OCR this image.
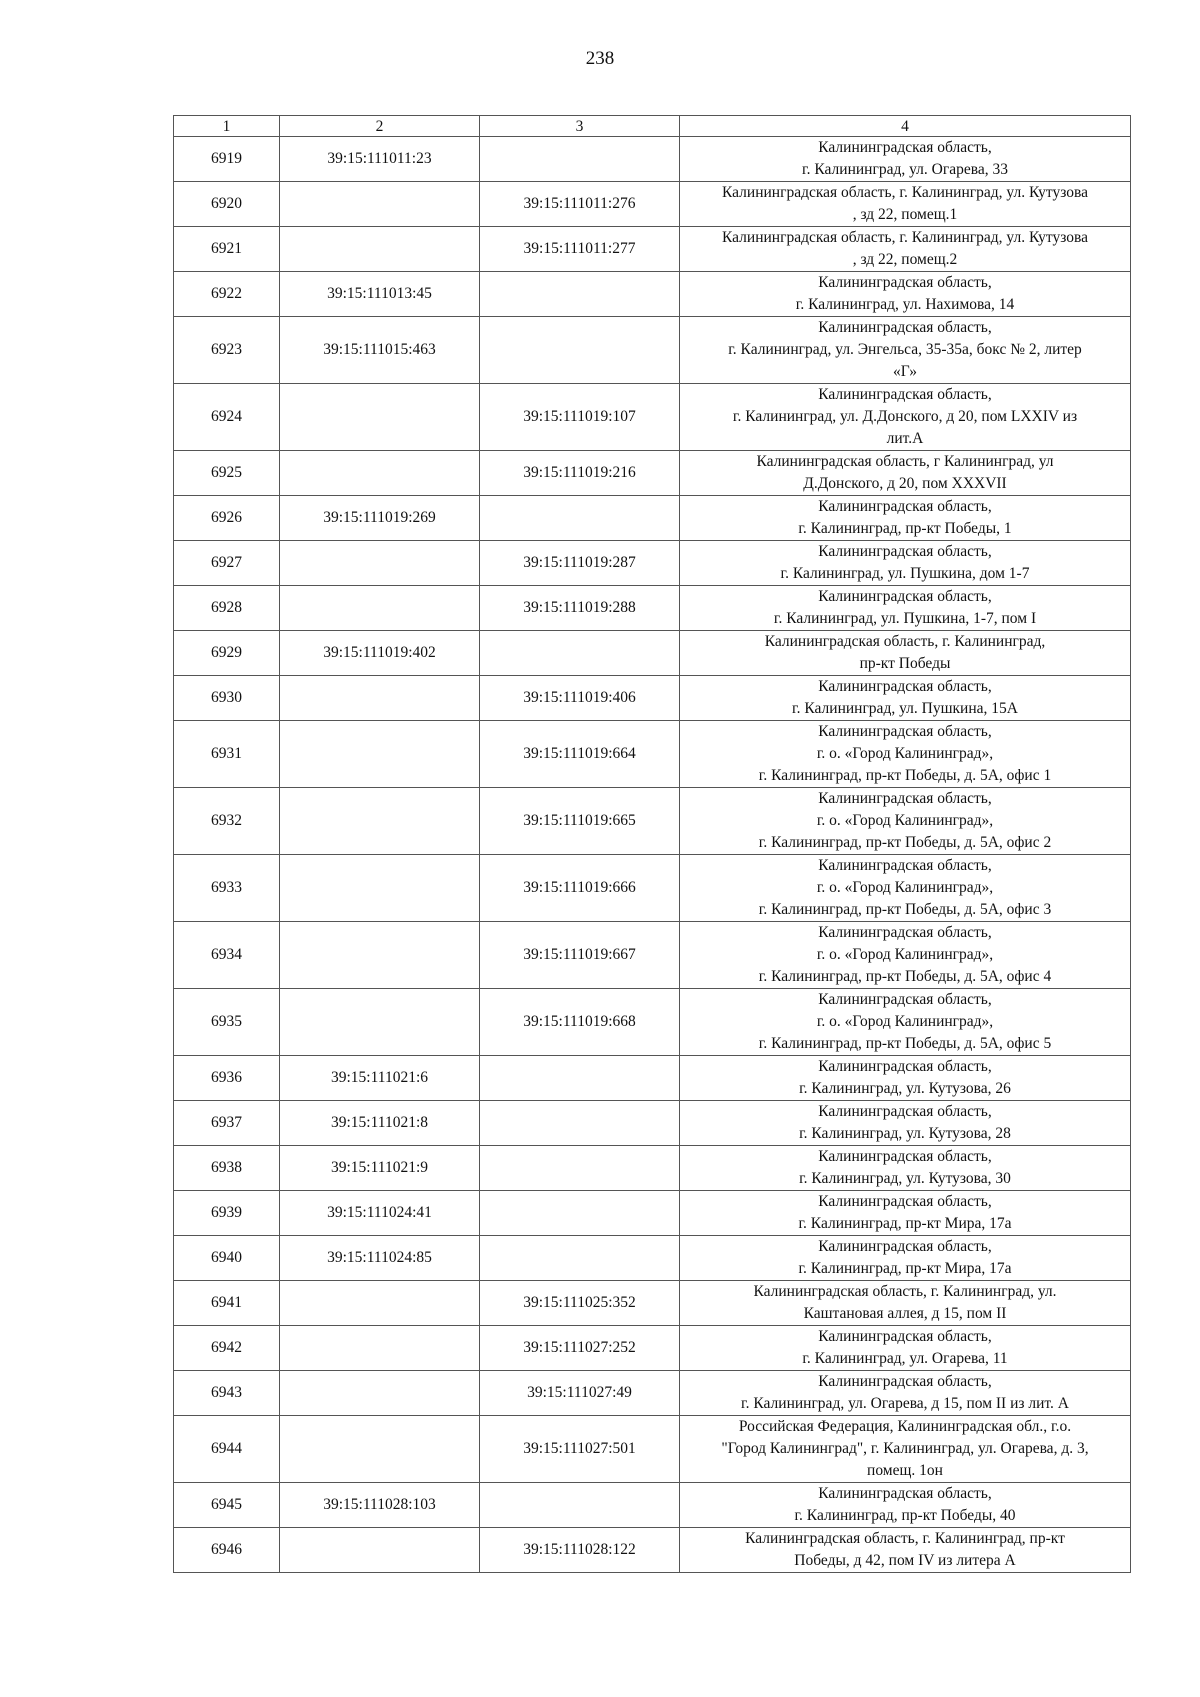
238
1	2	3	4
6919	39:15:111011:23		Калининградская область,
г. Калининград, ул. Огарева, 33

6920		39:15:111011:276	Калининградская область, г. Калининград, ул. Кутузова
, зд 22, помещ.1

6921		39:15:111011:277	Калининградская область, г. Калининград, ул. Кутузова
, зд 22, помещ.2

6922	39:15:111013:45		Калининградская область,
г. Калининград, ул. Нахимова, 14

6923	39:15:111015:463		Калининградская область,
г. Калининград, ул. Энгельса, 35-35а, бокс № 2, литер
«Г»

6924		39:15:111019:107	Калининградская область,
г. Калининград, ул. Д.Донского, д 20, пом LXXIV из
лит.А

6925		39:15:111019:216	Калининградская область, г Калининград, ул
Д.Донского, д 20, пом XXXVII

6926	39:15:111019:269		Калининградская область,
г. Калининград, пр-кт Победы, 1

6927		39:15:111019:287	Калининградская область,
г. Калининград, ул. Пушкина, дом 1-7

6928		39:15:111019:288	Калининградская область,
г. Калининград, ул. Пушкина, 1-7, пом I

6929	39:15:111019:402		Калининградская область, г. Калининград,
пр-кт Победы

6930		39:15:111019:406	Калининградская область,
г. Калининград, ул. Пушкина, 15А

6931		39:15:111019:664	Калининградская область,
г. о. «Город Калининград»,
г. Калининград, пр-кт Победы, д. 5А, офис 1

6932		39:15:111019:665	Калининградская область,
г. о. «Город Калининград»,
г. Калининград, пр-кт Победы, д. 5А, офис 2

6933		39:15:111019:666	Калининградская область,
г. о. «Город Калининград»,
г. Калининград, пр-кт Победы, д. 5А, офис 3

6934		39:15:111019:667	Калининградская область,
г. о. «Город Калининград»,
г. Калининград, пр-кт Победы, д. 5А, офис 4

6935		39:15:111019:668	Калининградская область,
г. о. «Город Калининград»,
г. Калининград, пр-кт Победы, д. 5А, офис 5

6936	39:15:111021:6		Калининградская область,
г. Калининград, ул. Кутузова, 26

6937	39:15:111021:8		Калининградская область,
г. Калининград, ул. Кутузова, 28

6938	39:15:111021:9		Калининградская область,
г. Калининград, ул. Кутузова, 30

6939	39:15:111024:41		Калининградская область,
г. Калининград, пр-кт Мира, 17а

6940	39:15:111024:85		Калининградская область,
г. Калининград, пр-кт Мира, 17а

6941		39:15:111025:352	Калининградская область, г. Калининград, ул.
Каштановая аллея, д 15, пом II

6942		39:15:111027:252	Калининградская область,
г. Калининград, ул. Огарева, 11

6943		39:15:111027:49	Калининградская область,
г. Калининград, ул. Огарева, д 15, пом II из лит. А

6944		39:15:111027:501	Российская Федерация, Калининградская обл., г.о.
"Город Калининград", г. Калининград, ул. Огарева, д. 3,
помещ. 1он

6945	39:15:111028:103		Калининградская область,
г. Калининград, пр-кт Победы, 40

6946		39:15:111028:122	Калининградская область, г. Калининград, пр-кт
Победы, д 42, пом IV из литера А
